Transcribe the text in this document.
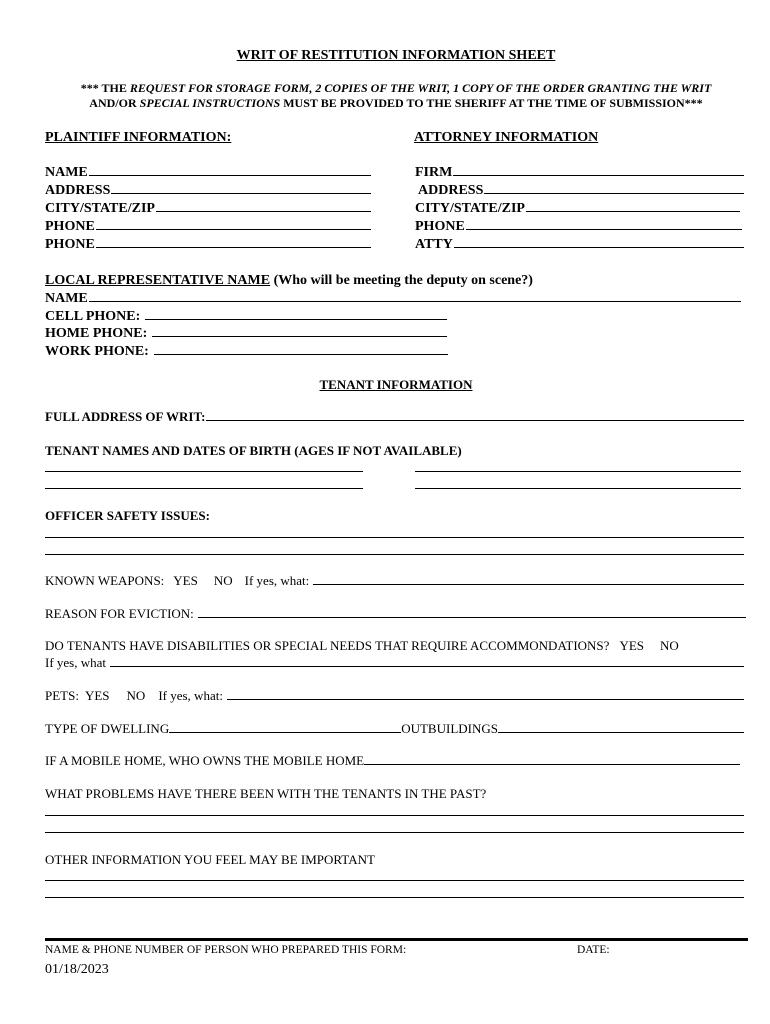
WRIT OF RESTITUTION INFORMATION SHEET
*** THE REQUEST FOR STORAGE FORM, 2 COPIES OF THE WRIT, 1 COPY OF THE ORDER GRANTING THE WRIT
AND/OR SPECIAL INSTRUCTIONS MUST BE PROVIDED TO THE SHERIFF AT THE TIME OF SUBMISSION***
PLAINTIFF INFORMATION:	ATTORNEY INFORMATION
NAME
ADDRESS
CITY/STATE/ZIP
PHONE
PHONE
FIRM
ADDRESS
CITY/STATE/ZIP
PHONE
ATTY
LOCAL REPRESENTATIVE NAME (Who will be meeting the deputy on scene?)
NAME
CELL PHONE:
HOME PHONE:
WORK PHONE:
TENANT INFORMATION
FULL ADDRESS OF WRIT:
TENANT NAMES AND DATES OF BIRTH (AGES IF NOT AVAILABLE)
OFFICER SAFETY ISSUES:
KNOWN WEAPONS: YES NO If yes, what:
REASON FOR EVICTION:
DO TENANTS HAVE DISABILITIES OR SPECIAL NEEDS THAT REQUIRE ACCOMMONDATIONS? YES NO
If yes, what
PETS: YES NO If yes, what:
TYPE OF DWELLING	OUTBUILDINGS
IF A MOBILE HOME, WHO OWNS THE MOBILE HOME
WHAT PROBLEMS HAVE THERE BEEN WITH THE TENANTS IN THE PAST?
OTHER INFORMATION YOU FEEL MAY BE IMPORTANT
NAME & PHONE NUMBER OF PERSON WHO PREPARED THIS FORM:	DATE:
01/18/2023
